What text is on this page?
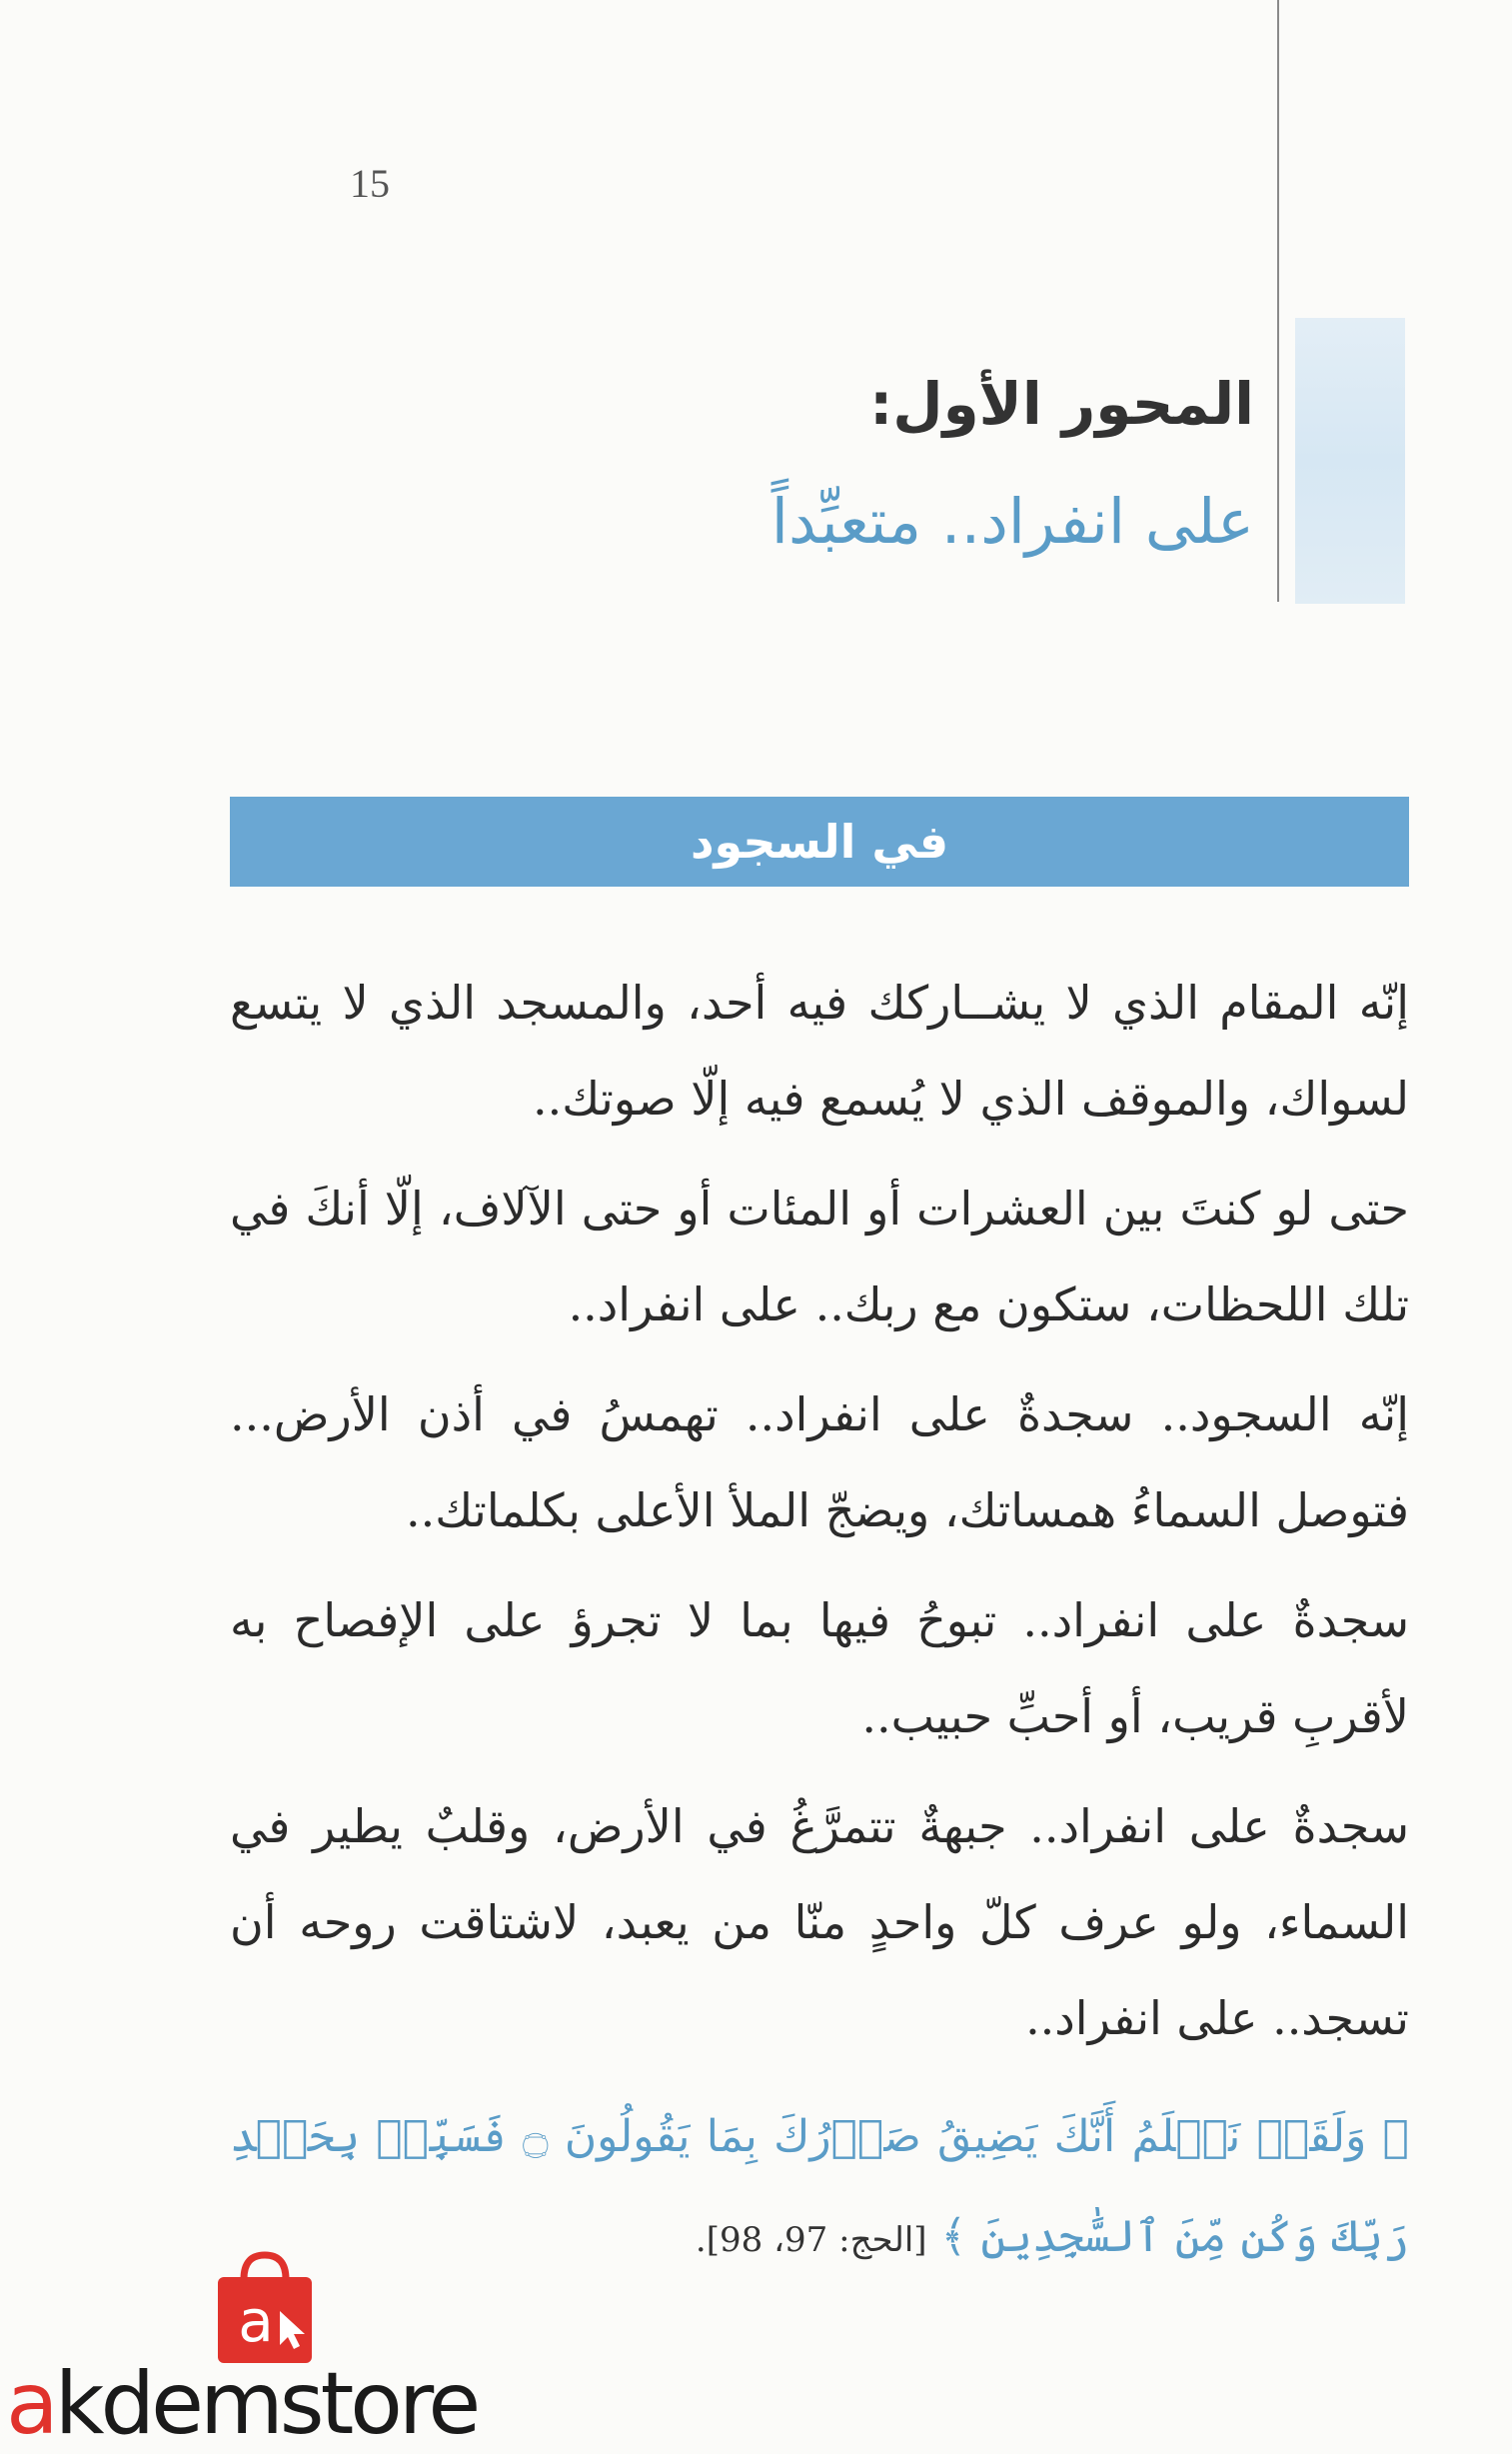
15
المحور الأول:
على انفراد.. متعبِّداً
في السجود

إنّه المقام الذي لا يشــاركك فيه أحد، والمسجد الذي لا يتسع لسواك، والموقف الذي لا يُسمع فيه إلّا صوتك..

حتى لو كنتَ بين العشرات أو المئات أو حتى الآلاف، إلّا أنكَ في تلك اللحظات، ستكون مع ربك.. على انفراد..

إنّه السجود.. سجدةٌ على انفراد.. تهمسُ في أذن الأرض... فتوصل السماءُ همساتك، ويضجّ الملأ الأعلى بكلماتك..

سجدةٌ على انفراد.. تبوحُ فيها بما لا تجرؤ على الإفصاح به لأقربِ قريب، أو أحبِّ حبيب..

سجدةٌ على انفراد.. جبهةٌ تتمرَّغُ في الأرض، وقلبٌ يطير في السماء، ولو عرف كلّ واحدٍ منّا من يعبد، لاشتاقت روحه أن تسجد.. على انفراد..

﴿ وَلَقَدۡ نَعۡلَمُ أَنَّكَ يَضِيقُ صَدۡرُكَ بِمَا يَقُولُونَ ۝ فَسَبِّحۡ بِحَمۡدِ رَبِّكَ وَكُن مِّنَ ٱلسَّٰجِدِينَ ﴾ [الحج: 97، 98].
a
akdemstore
